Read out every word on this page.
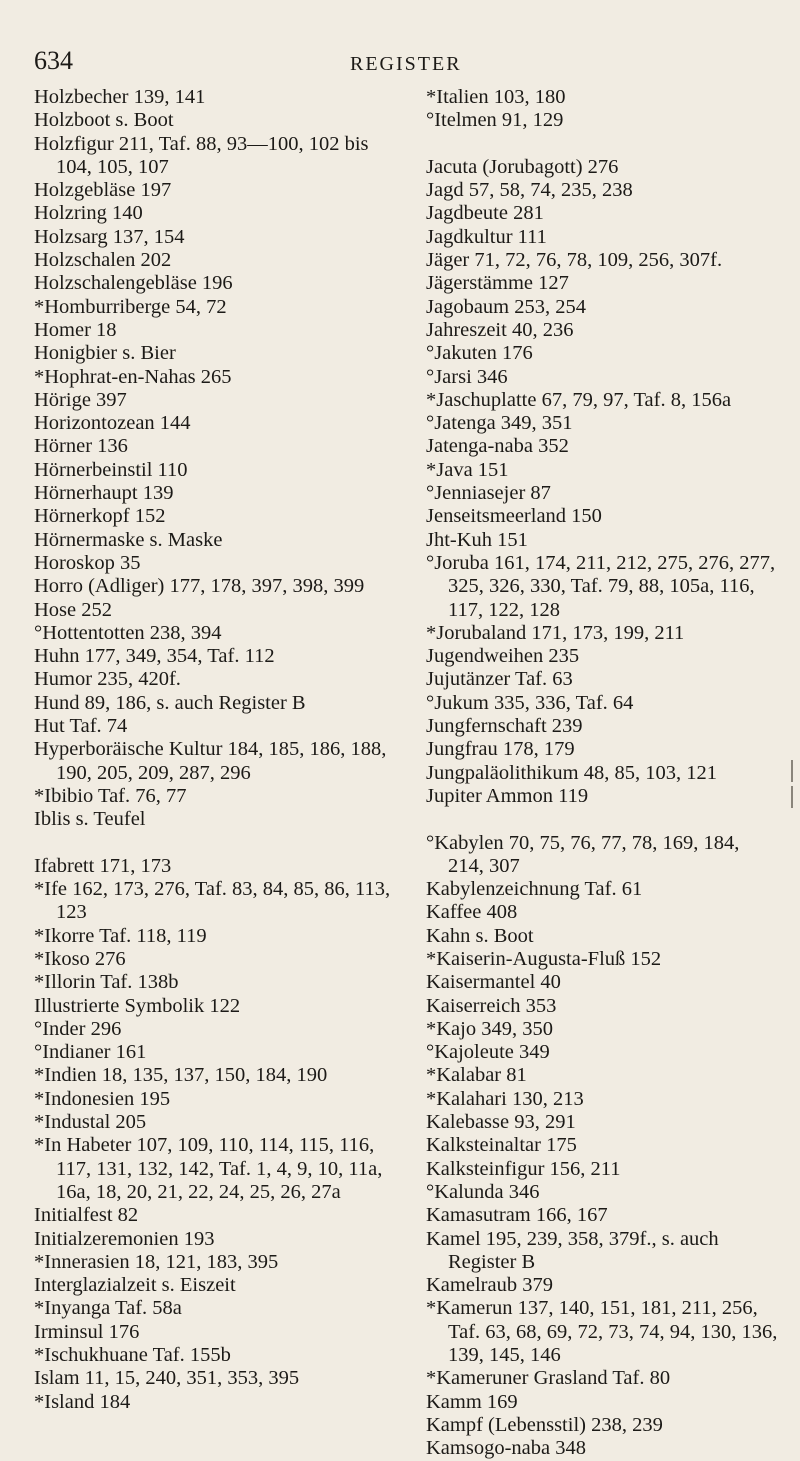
634	REGISTER
Holzbecher 139, 141
Holzboot s. Boot
Holzfigur 211, Taf. 88, 93—100, 102 bis 104, 105, 107
Holzgebläse 197
Holzring 140
Holzsarg 137, 154
Holzschalen 202
Holzschalengebläse 196
*Homburriberge 54, 72
Homer 18
Honigbier s. Bier
*Hophrat-en-Nahas 265
Hörige 397
Horizontozean 144
Hörner 136
Hörnerbeinstil 110
Hörnerhaupt 139
Hörnerkopf 152
Hörnermaske s. Maske
Horoskop 35
Horro (Adliger) 177, 178, 397, 398, 399
Hose 252
°Hottentotten 238, 394
Huhn 177, 349, 354, Taf. 112
Humor 235, 420f.
Hund 89, 186, s. auch Register B
Hut Taf. 74
Hyperboräische Kultur 184, 185, 186, 188, 190, 205, 209, 287, 296
*Ibibio Taf. 76, 77
Iblis s. Teufel
Ifabrett 171, 173
*Ife 162, 173, 276, Taf. 83, 84, 85, 86, 113, 123
*Ikorre Taf. 118, 119
*Ikoso 276
*Illorin Taf. 138b
Illustrierte Symbolik 122
°Inder 296
°Indianer 161
*Indien 18, 135, 137, 150, 184, 190
*Indonesien 195
*Industal 205
*In Habeter 107, 109, 110, 114, 115, 116, 117, 131, 132, 142, Taf. 1, 4, 9, 10, 11a, 16a, 18, 20, 21, 22, 24, 25, 26, 27a
Initialfest 82
Initialzeremonien 193
*Innerasien 18, 121, 183, 395
Interglazialzeit s. Eiszeit
*Inyanga Taf. 58a
Irminsul 176
*Ischukhuane Taf. 155b
Islam 11, 15, 240, 351, 353, 395
*Island 184
*Italien 103, 180
°Itelmen 91, 129
Jacuta (Jorubagott) 276
Jagd 57, 58, 74, 235, 238
Jagdbeute 281
Jagdkultur 111
Jäger 71, 72, 76, 78, 109, 256, 307f.
Jägerstämme 127
Jagobaum 253, 254
Jahreszeit 40, 236
°Jakuten 176
°Jarsi 346
*Jaschuplatte 67, 79, 97, Taf. 8, 156a
°Jatenga 349, 351
Jatenga-naba 352
*Java 151
°Jenniasejer 87
Jenseitsmeerland 150
Jht-Kuh 151
°Joruba 161, 174, 211, 212, 275, 276, 277, 325, 326, 330, Taf. 79, 88, 105a, 116, 117, 122, 128
*Jorubaland 171, 173, 199, 211
Jugendweihen 235
Jujutänzer Taf. 63
°Jukum 335, 336, Taf. 64
Jungfernschaft 239
Jungfrau 178, 179
Jungpaläolithikum 48, 85, 103, 121
Jupiter Ammon 119
°Kabylen 70, 75, 76, 77, 78, 169, 184, 214, 307
Kabylenzeichnung Taf. 61
Kaffee 408
Kahn s. Boot
*Kaiserin-Augusta-Fluß 152
Kaisermantel 40
Kaiserreich 353
*Kajo 349, 350
°Kajoleute 349
*Kalabar 81
*Kalahari 130, 213
Kalebasse 93, 291
Kalksteinaltar 175
Kalksteinfigur 156, 211
°Kalunda 346
Kamasutram 166, 167
Kamel 195, 239, 358, 379f., s. auch Register B
Kamelraub 379
*Kamerun 137, 140, 151, 181, 211, 256, Taf. 63, 68, 69, 72, 73, 74, 94, 130, 136, 139, 145, 146
*Kameruner Grasland Taf. 80
Kamm 169
Kampf (Lebensstil) 238, 239
Kamsogo-naba 348
